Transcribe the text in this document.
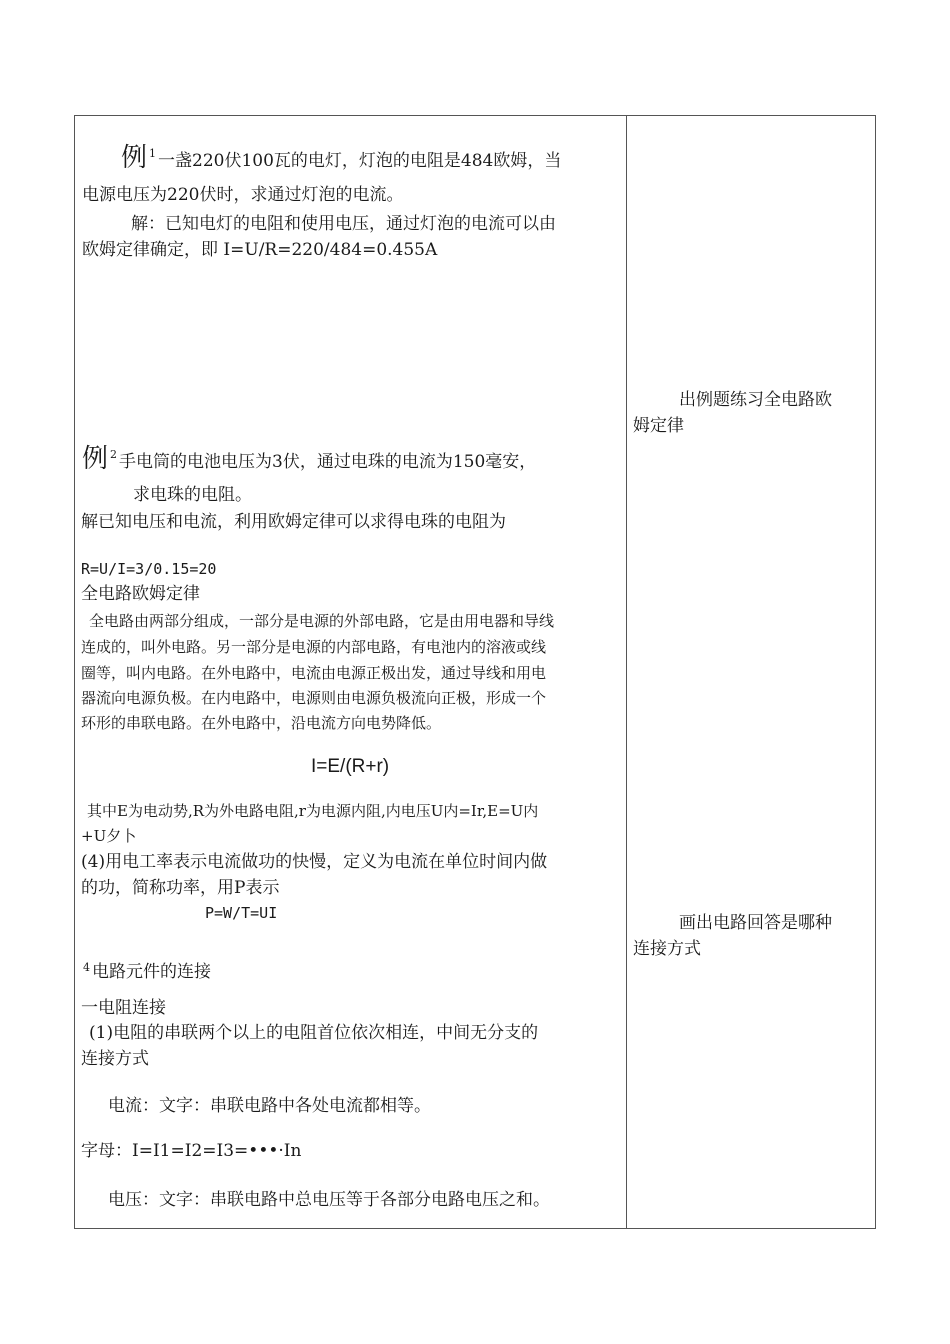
例 $^1$ 一盏220伏100瓦的电灯，灯泡的电阻是484欧姆，当
电源电压为220伏时，求通过灯泡的电流。
解：已知电灯的电阻和使用电压，通过灯泡的电流可以由
欧姆定律确定，即 I=U/R=220/484=0.455A
例 $^2$ 手电筒的电池电压为3伏，通过电珠的电流为150毫安，
求电珠的电阻。
解已知电压和电流，利用欧姆定律可以求得电珠的电阻为
R=U/I=3/0.15=20
全电路欧姆定律
全电路由两部分组成，一部分是电源的外部电路，它是由用电器和导线
连成的，叫外电路。另一部分是电源的内部电路，有电池内的溶液或线
圈等，叫内电路。在外电路中，电流由电源正极出发，通过导线和用电
器流向电源负极。在内电路中，电源则由电源负极流向正极，形成一个
环形的串联电路。在外电路中，沿电流方向电势降低。
I=E/(R+r)
其中E为电动势,R为外电路电阻,r为电源内阻,内电压U内=Ir,E=U内
+U夕卜
(4)用电工率表示电流做功的快慢，定义为电流在单位时间内做
的功，简称功率，用P表示
P=W/T=UI
$^4$ 电路元件的连接
一电阻连接
(1)电阻的串联两个以上的电阻首位依次相连，中间无分支的
连接方式
电流：文字：串联电路中各处电流都相等。
字母：I=I1=I2=I3=•••·In
电压：文字：串联电路中总电压等于各部分电路电压之和。
出例题练习全电路欧
姆定律
画出电路回答是哪种
连接方式
